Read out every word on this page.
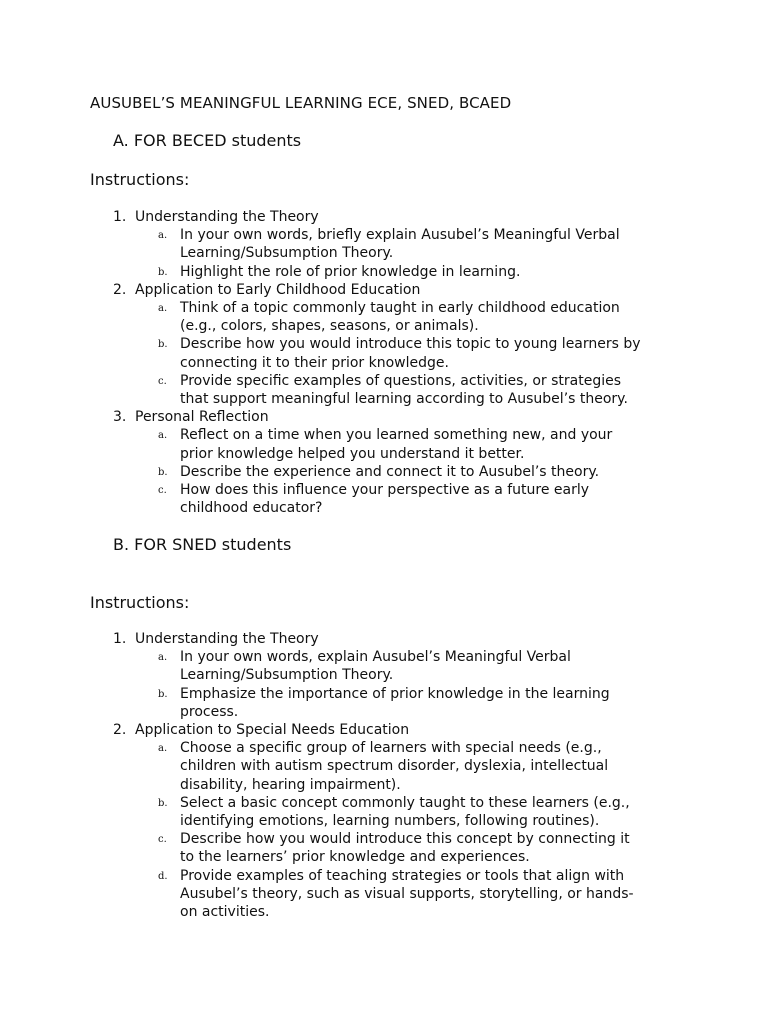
AUSUBEL’S MEANINGFUL LEARNING ECE, SNED, BCAED
A. FOR BECED students
Instructions:
1. Understanding the Theory
a. In your own words, briefly explain Ausubel’s Meaningful Verbal
Learning/Subsumption Theory.
b. Highlight the role of prior knowledge in learning.
2. Application to Early Childhood Education
a. Think of a topic commonly taught in early childhood education
(e.g., colors, shapes, seasons, or animals).
b. Describe how you would introduce this topic to young learners by
connecting it to their prior knowledge.
c. Provide specific examples of questions, activities, or strategies
that support meaningful learning according to Ausubel’s theory.
3. Personal Reflection
a. Reflect on a time when you learned something new, and your
prior knowledge helped you understand it better.
b. Describe the experience and connect it to Ausubel’s theory.
c. How does this influence your perspective as a future early
childhood educator?
B. FOR SNED students
Instructions:
1. Understanding the Theory
a. In your own words, explain Ausubel’s Meaningful Verbal
Learning/Subsumption Theory.
b. Emphasize the importance of prior knowledge in the learning
process.
2. Application to Special Needs Education
a. Choose a specific group of learners with special needs (e.g.,
children with autism spectrum disorder, dyslexia, intellectual
disability, hearing impairment).
b. Select a basic concept commonly taught to these learners (e.g.,
identifying emotions, learning numbers, following routines).
c. Describe how you would introduce this concept by connecting it
to the learners’ prior knowledge and experiences.
d. Provide examples of teaching strategies or tools that align with
Ausubel’s theory, such as visual supports, storytelling, or hands-
on activities.
